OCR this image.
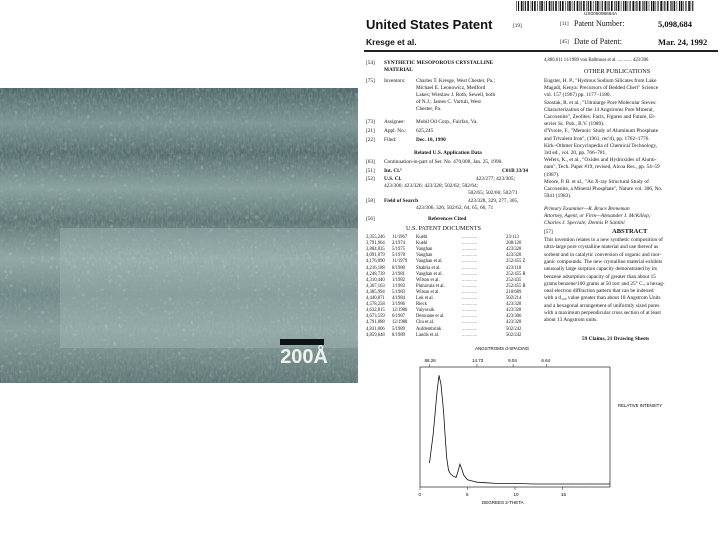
200Å
US005098684A
United States Patent	[19]
Kresge et al.
[11] Patent Number:	5,098,684
[45] Date of Patent:	Mar. 24, 1992
[54] SYNTHETIC MESOPOROUS CRYSTALLINE
MATERIAL
[75] Inventors: Charles T. Kresge, West Chester, Pa.;
Michael E. Leonowicz, Medford
Lakes; Wieslaw J. Roth, Sewell, both
of N.J.; James C. Vartuli, West
Chester, Pa.
[73] Assignee: Mobil Oil Corp., Fairfax, Va.
[21] Appl. No.: 625,245
[22] Filed:	Dec. 10, 1990
Related U.S. Application Data
[63] Continuation-in-part of Ser. No. 470,008, Jan. 25, 1990.
[51] Int. Cl.⁵	C01B 33/34
[52] U.S. Cl.	423/277; 423/305;
423/306; 423/326; 423/328; 502/62; 502/64;
502/65; 502/66; 502/71
[58] Field of Search	423/328, 329, 277, 305,
423/306, 326; 502/62, 64, 65, 66, 71
[56]	References Cited
U.S. PATENT DOCUMENTS
3,355,246 11/1967 Kuehl	.............	23/113
3,791,964 2/1974 Kuehl	.............	208/120
3,884,835 5/1975 Vaughan	.............	423/328
4,091,079 5/1978 Vaughan	.............	423/328
4,176,090 11/1979 Vaughan et al.	.............	252/455 Z
4,216,188 8/1980 Shabria et al.	.............	423/118
4,248,739 2/1981 Vaughan et al.	.............	252/455 R
4,310,440 1/1982 Wilson et al.	.............	252/435
4,367,163 1/1983 Pinnavaia et al.	.............	252/455 R
4,385,994 5/1983 Wilson et al.	.............	210/689
4,440,871 4/1984 Lok et al.	.............	502/214
4,578,258 3/1986 Rieck	.............	423/328
4,632,815 12/1986 Valyocsik	.............	423/328
4,673,559 6/1987 Derouane et al.	.............	423/306
4,791,088 12/1988 Chu et al.	.............	423/328
4,831,006 5/1989 Aufdembrink	.............	502/242
4,859,648 8/1989 Landis et al.	.............	502/242
4,880,611 11/1989 von Ballmoos et al. ............ 423/306
OTHER PUBLICATIONS
Eugster, H. P., "Hydrous Sodium Silicates from Lake
Magadi, Kenya: Precursors of Bedded Chert" Science
vol. 157 (1967) pp. 1177–1180.
Szostak, R. et al., "Ultralarge Pore Molecular Sieves:
Characterization of the 14 Angstroms Pore Mineral,
Cacoxenite", Zeolites: Facts, Figures and Future, El-
sevier Sc. Pub., B.V. (1989).
d'Yvoire, F., "Memoir: Study of Aluminum Phosphate
and Trivalent Iron", (1961, rec'd), pp. 1762–1776.
Kirk–Othmer Encyclopedia of Chemical Technology,
3rd ed., vol. 20, pp. 766–781.
Wefers, K., et al., "Oxides and Hydroxides of Alumi-
num", Tech. Paper #19, revised, Alcoa Res., pp. 54–59
(1987).
Moore, P. B. et al., "An X-ray Structural Study of
Cacoxenite, a Mineral Phosphate", Nature vol. 306, No.
5941 (1983).
Primary Examiner—R. Bruce Breneman
Attorney, Agent, or Firm—Alexander J. McKillop;
Charles J. Speciale; Dennis P. Santini
[57]	ABSTRACT
This invention relates to a new synthetic composition of
ultra-large pore crystalline material and use thereof as
sorbent and in catalytic conversion of organic and inor-
ganic compounds. The new crystalline material exhibits
unusually large sorption capacity demonstrated by its
benzene adsorption capacity of greater than about 15
grams benzene/100 grams at 50 torr and 25° C., a hexag-
onal electron diffraction pattern that can be indexed
with a d₁₀₀ value greater than about 18 Angstrom Units
and a hexagonal arrangement of uniformly sized pores
with a maximum perpendicular cross section of at least
about 13 Angstrom units.
59 Claims, 21 Drawing Sheets
ANGSTROMS d-SPACING
88.26	14.73	9.04	6.64
0	5	10	15
DEGREES 2-THETA
RELATIVE INTENSITY
